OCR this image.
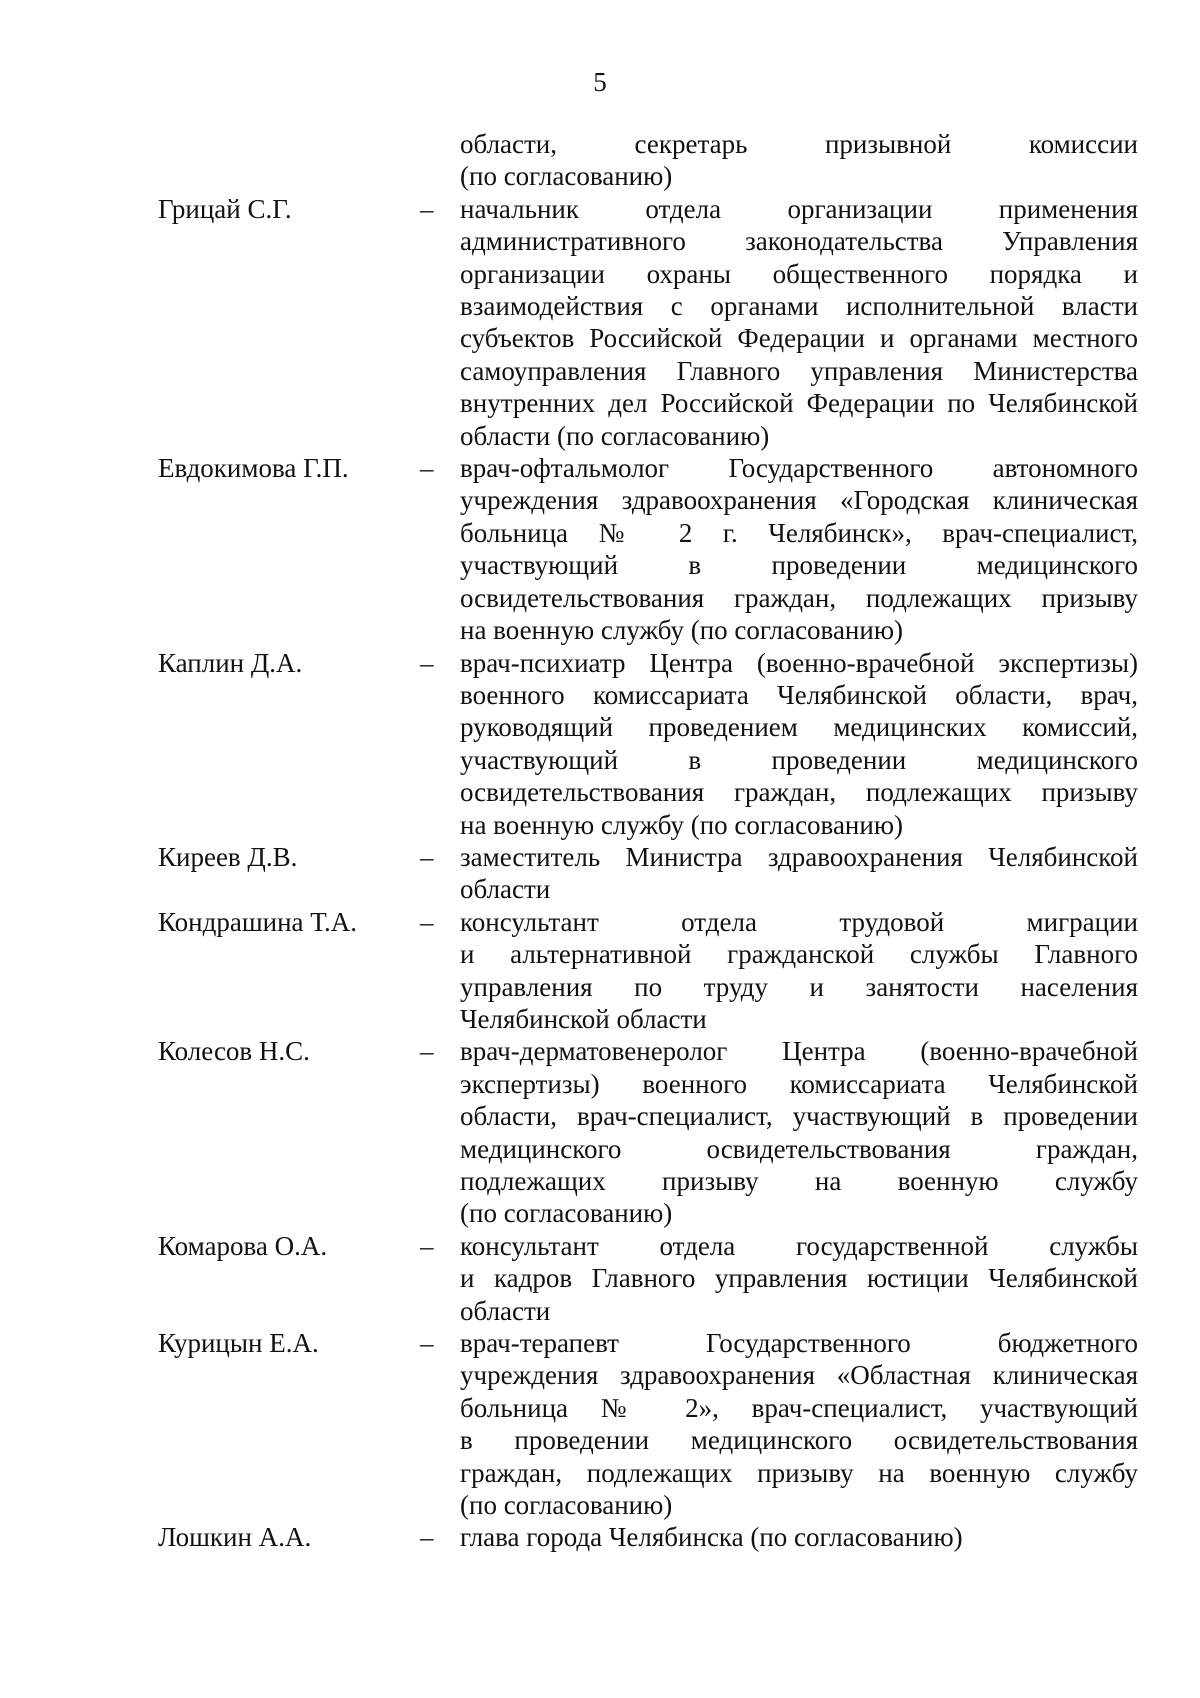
5
области, секретарь призывной комиссии
(по согласованию)
Грицай С.Г.	– начальник отдела организации применения
административного законодательства Управления
организации охраны общественного порядка и
взаимодействия с органами исполнительной власти
субъектов Российской Федерации и органами местного
самоуправления Главного управления Министерства
внутренних дел Российской Федерации по Челябинской
области (по согласованию)
Евдокимова Г.П.	– врач-офтальмолог Государственного автономного
учреждения здравоохранения «Городская клиническая
больница № 2 г. Челябинск», врач-специалист,
участвующий в проведении медицинского
освидетельствования граждан, подлежащих призыву
на военную службу (по согласованию)
Каплин Д.А.	– врач-психиатр Центра (военно-врачебной экспертизы)
военного комиссариата Челябинской области, врач,
руководящий проведением медицинских комиссий,
участвующий в проведении медицинского
освидетельствования граждан, подлежащих призыву
на военную службу (по согласованию)
Киреев Д.В.	– заместитель Министра здравоохранения Челябинской
области
Кондрашина Т.А.	– консультант отдела трудовой миграции
и альтернативной гражданской службы Главного
управления по труду и занятости населения
Челябинской области
Колесов Н.С.	– врач-дерматовенеролог Центра (военно-врачебной
экспертизы) военного комиссариата Челябинской
области, врач-специалист, участвующий в проведении
медицинского освидетельствования граждан,
подлежащих призыву на военную службу
(по согласованию)
Комарова О.А.	– консультант отдела государственной службы
и кадров Главного управления юстиции Челябинской
области
Курицын Е.А.	– врач-терапевт Государственного бюджетного
учреждения здравоохранения «Областная клиническая
больница № 2», врач-специалист, участвующий
в проведении медицинского освидетельствования
граждан, подлежащих призыву на военную службу
(по согласованию)
Лошкин А.А.	– глава города Челябинска (по согласованию)
